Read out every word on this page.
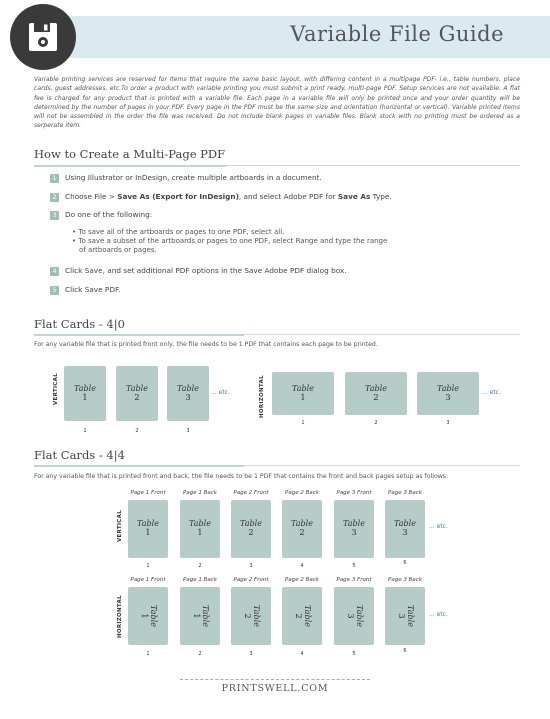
Variable File Guide
Variable printing services are reserved for items that require the same basic layout, with differing content in a multipage PDF- i.e., table numbers, place cards, guest addresses, etc.To order a product with variable printing you must submit a print ready, multi-page PDF. Setup services are not available. A flat fee is charged for any product that is printed with a variable file. Each page in a variable file will only be printed once and your order quantity will be determined by the number of pages in your PDF. Every page in the PDF must be the same size and orientation (horizontal or vertical). Variable printed items will not be assembled in the order the file was received. Do not include blank pages in variable files. Blank stock with no printing must be ordered as a serperate item.
How to Create a Multi-Page PDF
1 Using Illustrator or InDesign, create multiple artboards in a document.
2 Choose File > Save As (Export for InDesign), and select Adobe PDF for Save As Type.
3 Do one of the following:
• To save all of the artboards or pages to one PDF, select all.
• To save a subset of the artboards or pages to one PDF, select Range and type the range
of artboards or pages.
4 Click Save, and set additional PDF options in the Save Adobe PDF dialog box.
5 Click Save PDF.
Flat Cards - 4|0
For any variable file that is printed front only, the file needs to be 1 PDF that contains each page to be printed.
VERTICAL	HORIZONTAL
Table
1
Table
2
Table
3	... etc.
1	2	3
Table
1
Table
2
Table
3	... etc.
1	2	3
Flat Cards - 4|4
For any variable file that is printed front and back, the file needs to be 1 PDF that contains the front and back pages setup as follows:
Page 1 Front	Page 1 Back	Page 2 Front	Page 2 Back	Page 3 Front	Page 3 Back
VERTICAL Table
1
Table
1
Table
2
Table
2
Table
3
Table
3
... etc.
1	2	3	4	5	6
Page 1 Front	Page 1 Back	Page 2 Front	Page 2 Back	Page 3 Front	Page 3 Back
HORIZONTAL	Table
1	Table
1	Table
2	Table
2	Table
3	Table
3	... etc.
1	2	3	4	5	6
PRINTSWELL.COM
